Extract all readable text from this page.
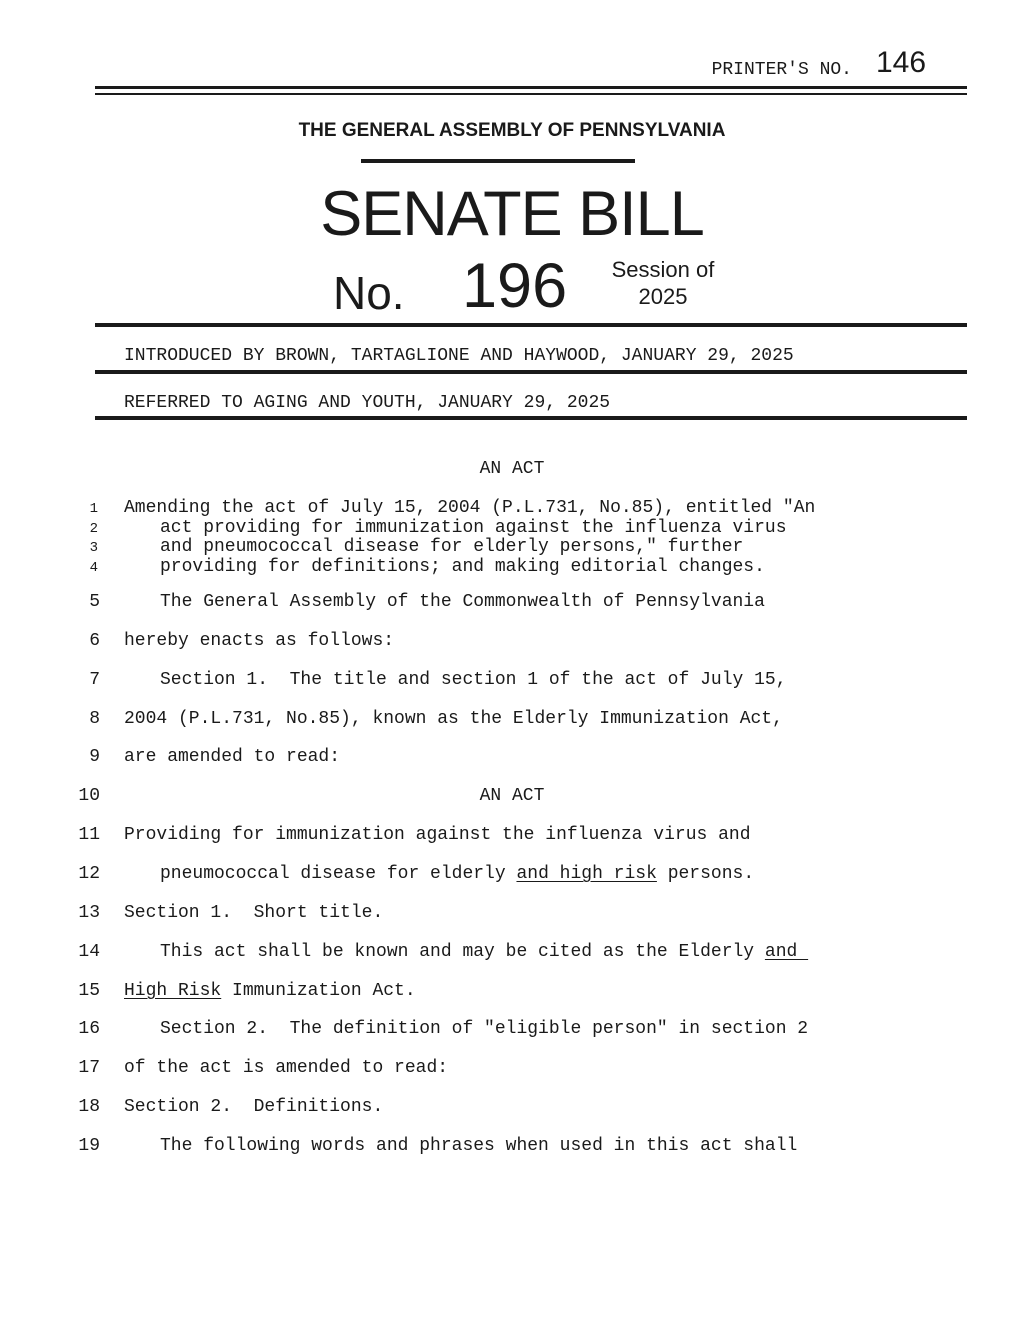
PRINTER'S NO. 146
THE GENERAL ASSEMBLY OF PENNSYLVANIA
SENATE BILL
No. 196	Session of
2025
INTRODUCED BY BROWN, TARTAGLIONE AND HAYWOOD, JANUARY 29, 2025
REFERRED TO AGING AND YOUTH, JANUARY 29, 2025
AN ACT
1 Amending the act of July 15, 2004 (P.L.731, No.85), entitled "An
2	act providing for immunization against the influenza virus
3	and pneumococcal disease for elderly persons," further
4	providing for definitions; and making editorial changes.
5	The General Assembly of the Commonwealth of Pennsylvania
6 hereby enacts as follows:
7	Section 1.  The title and section 1 of the act of July 15,
8 2004 (P.L.731, No.85), known as the Elderly Immunization Act,
9 are amended to read:
10	AN ACT
11 Providing for immunization against the influenza virus and
12	pneumococcal disease for elderly and high risk persons.
13 Section 1.  Short title.
14	This act shall be known and may be cited as the Elderly and
15 High Risk Immunization Act.
16	Section 2.  The definition of "eligible person" in section 2
17 of the act is amended to read:
18 Section 2.  Definitions.
19	The following words and phrases when used in this act shall
